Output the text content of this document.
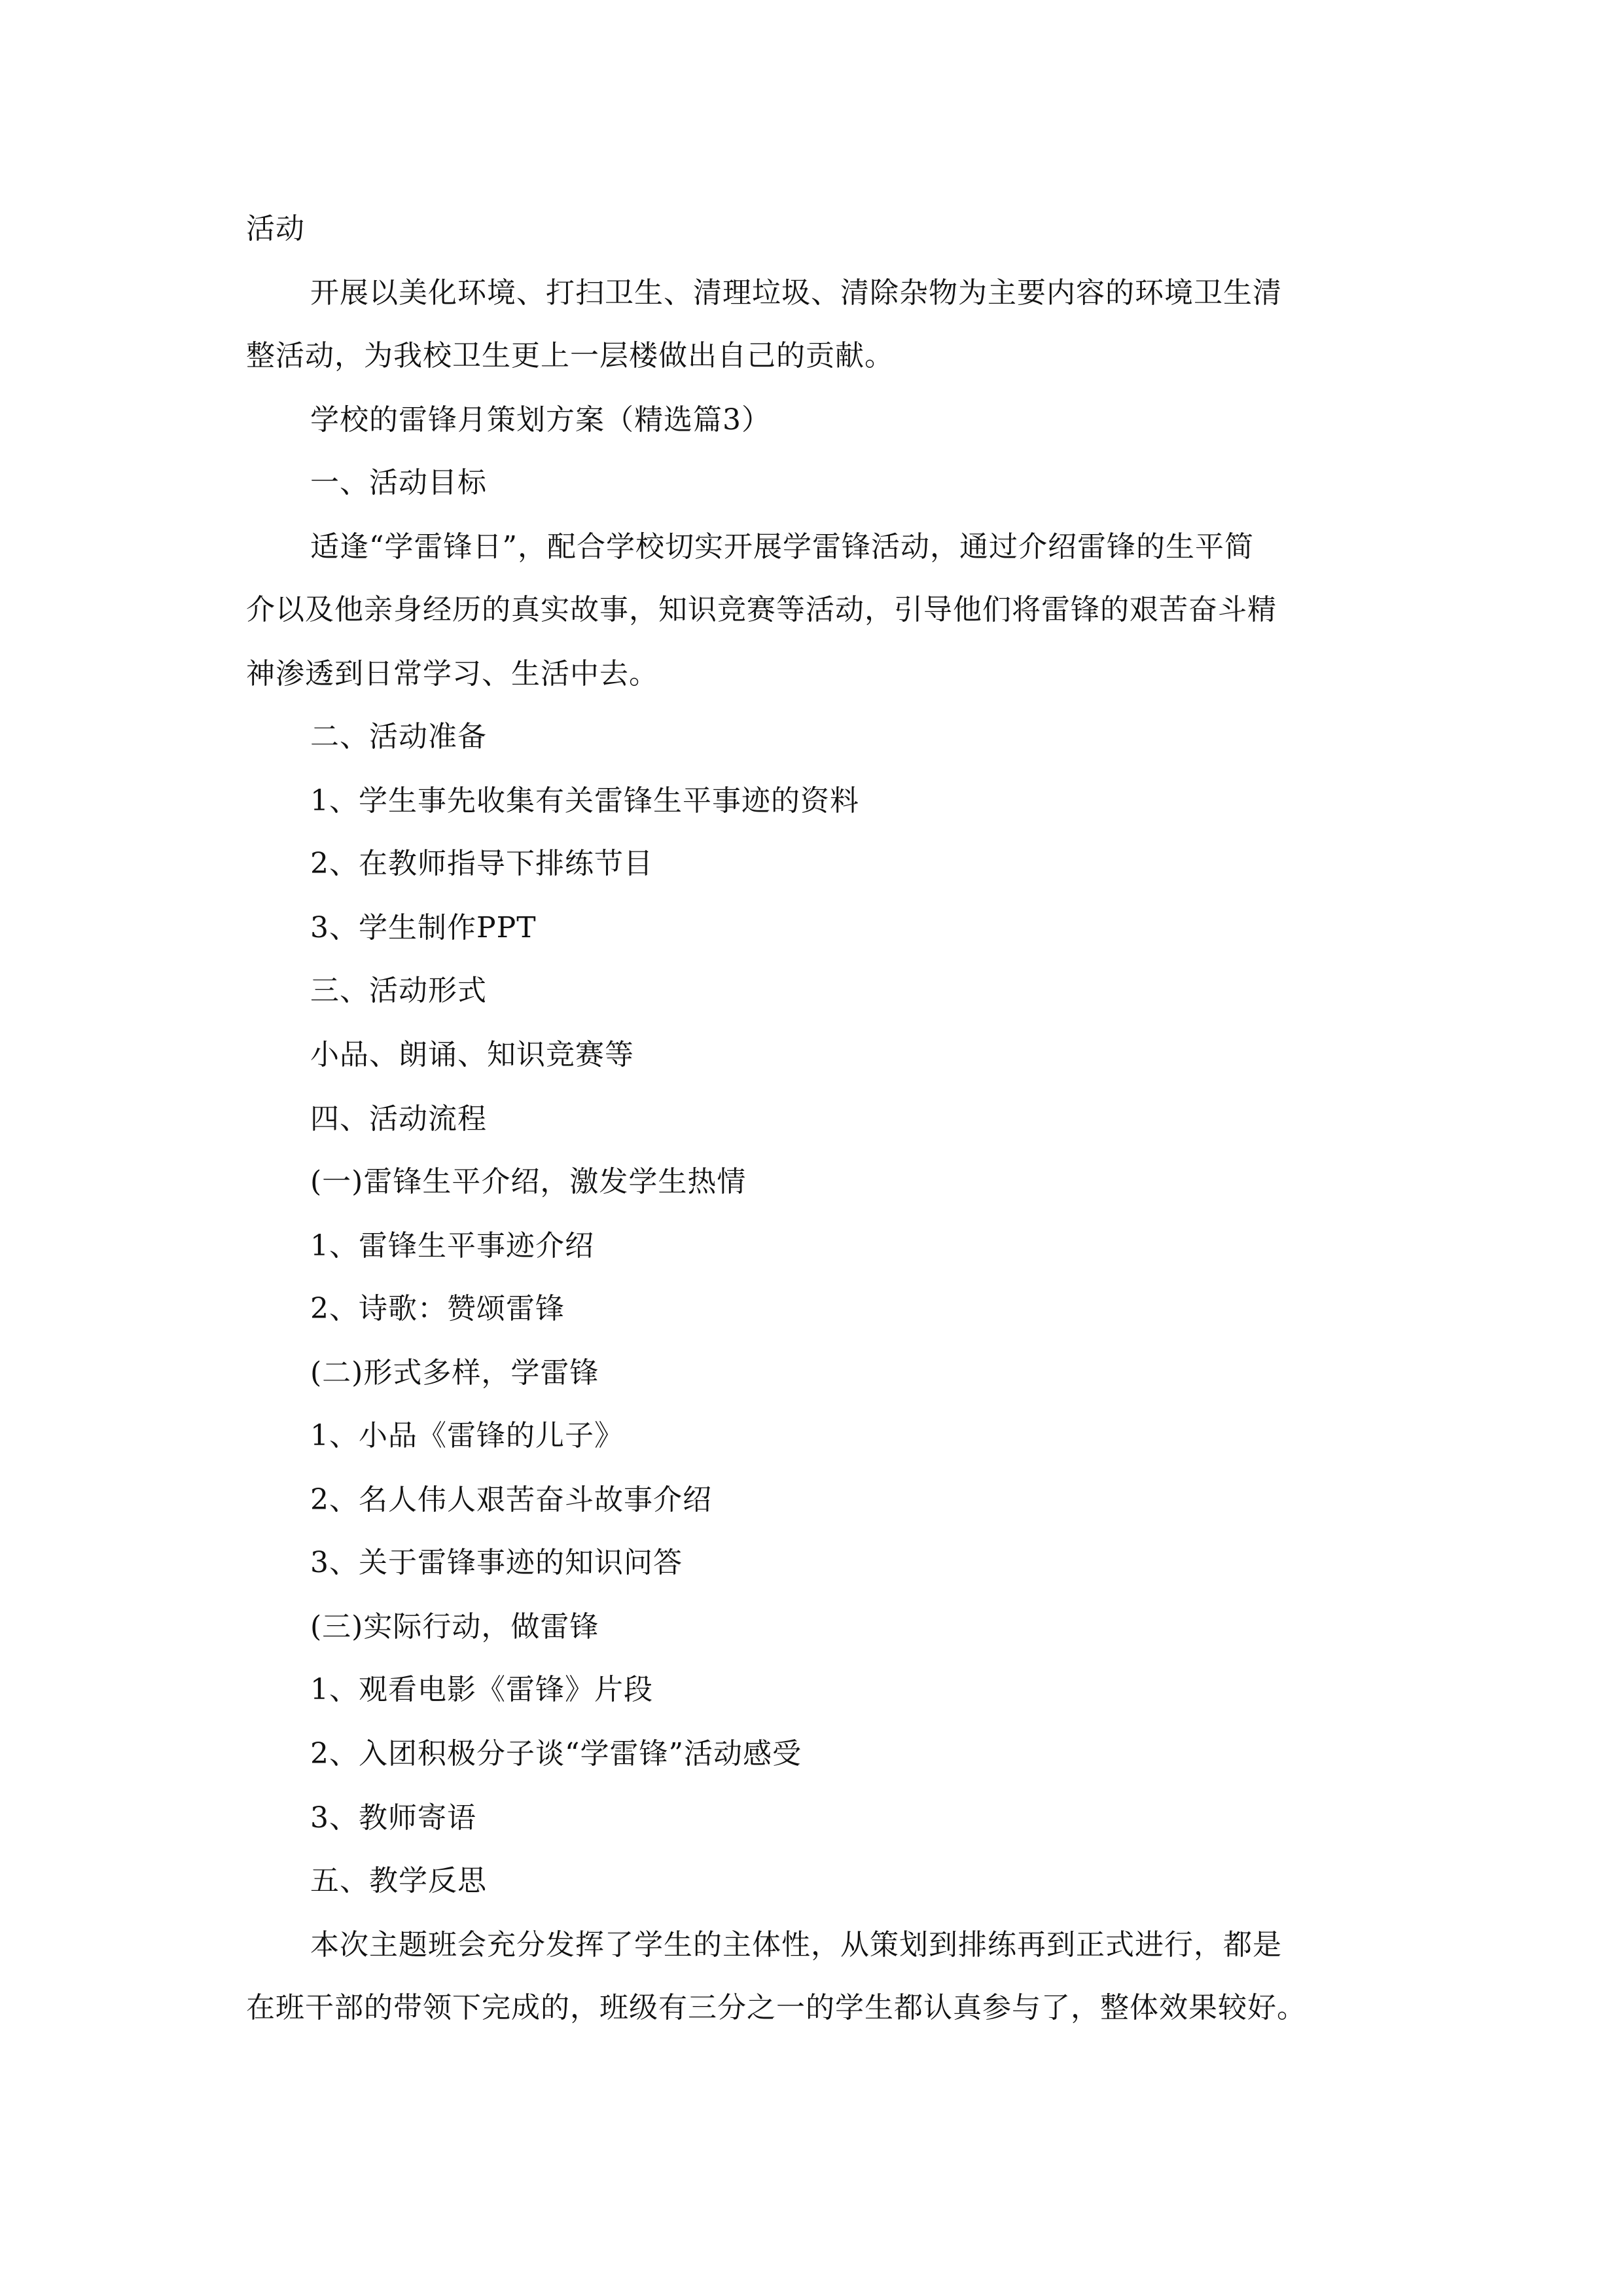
活动
开展以美化环境、打扫卫生、清理垃圾、清除杂物为主要内容的环境卫生清
整活动，为我校卫生更上一层楼做出自己的贡献。
学校的雷锋月策划方案（精选篇3）
一、活动目标
适逢“学雷锋日”，配合学校切实开展学雷锋活动，通过介绍雷锋的生平简
介以及他亲身经历的真实故事，知识竞赛等活动，引导他们将雷锋的艰苦奋斗精
神渗透到日常学习、生活中去。
二、活动准备
1、学生事先收集有关雷锋生平事迹的资料
2、在教师指导下排练节目
3、学生制作PPT
三、活动形式
小品、朗诵、知识竞赛等
四、活动流程
(一)雷锋生平介绍，激发学生热情
1、雷锋生平事迹介绍
2、诗歌：赞颂雷锋
(二)形式多样，学雷锋
1、小品《雷锋的儿子》
2、名人伟人艰苦奋斗故事介绍
3、关于雷锋事迹的知识问答
(三)实际行动，做雷锋
1、观看电影《雷锋》片段
2、入团积极分子谈“学雷锋”活动感受
3、教师寄语
五、教学反思
本次主题班会充分发挥了学生的主体性，从策划到排练再到正式进行，都是
在班干部的带领下完成的，班级有三分之一的学生都认真参与了，整体效果较好。
